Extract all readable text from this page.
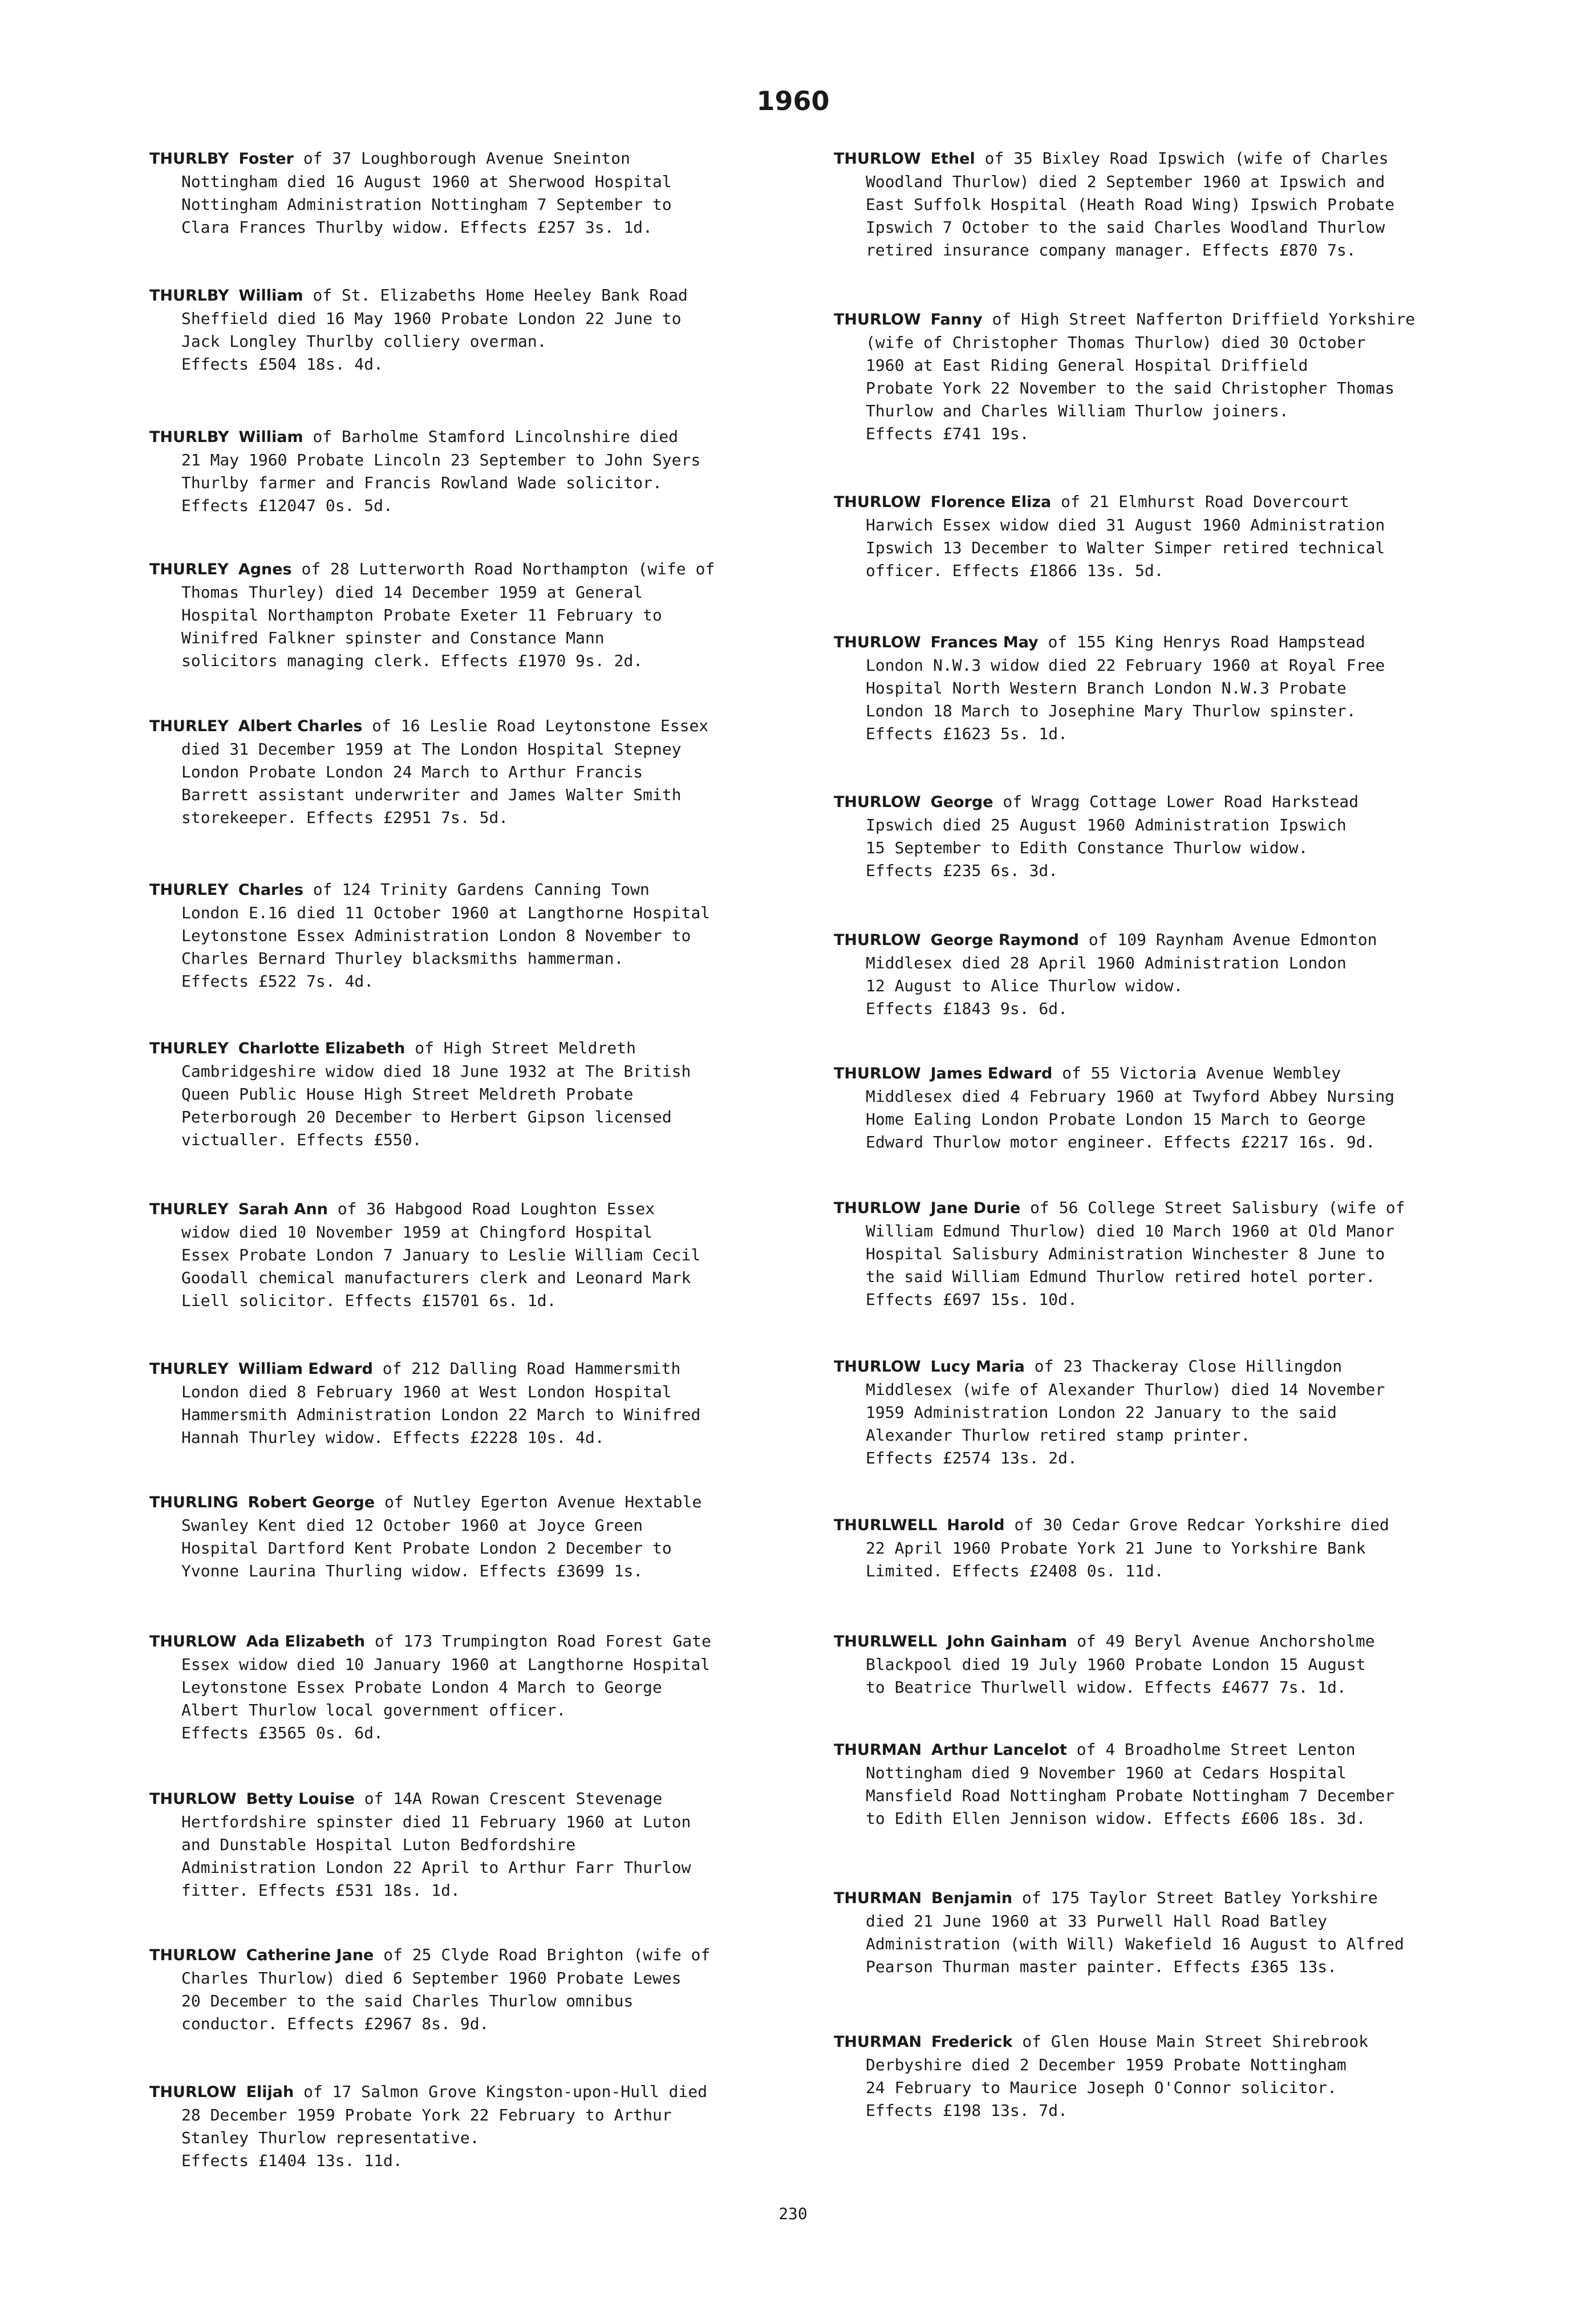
1960
THURLBY Foster of 37 Loughborough Avenue Sneinton
Nottingham died 16 August 1960 at Sherwood Hospital
Nottingham Administration Nottingham 7 September to
Clara Frances Thurlby widow. Effects £257 3s. 1d.
THURLBY William of St. Elizabeths Home Heeley Bank Road
Sheffield died 16 May 1960 Probate London 22 June to
Jack Longley Thurlby colliery overman.
Effects £504 18s. 4d.
THURLBY William of Barholme Stamford Lincolnshire died
21 May 1960 Probate Lincoln 23 September to John Syers
Thurlby farmer and Francis Rowland Wade solicitor.
Effects £12047 0s. 5d.
THURLEY Agnes of 28 Lutterworth Road Northampton (wife of
Thomas Thurley) died 14 December 1959 at General
Hospital Northampton Probate Exeter 11 February to
Winifred Falkner spinster and Constance Mann
solicitors managing clerk. Effects £1970 9s. 2d.
THURLEY Albert Charles of 16 Leslie Road Leytonstone Essex
died 31 December 1959 at The London Hospital Stepney
London Probate London 24 March to Arthur Francis
Barrett assistant underwriter and James Walter Smith
storekeeper. Effects £2951 7s. 5d.
THURLEY Charles of 124 Trinity Gardens Canning Town
London E.16 died 11 October 1960 at Langthorne Hospital
Leytonstone Essex Administration London 8 November to
Charles Bernard Thurley blacksmiths hammerman.
Effects £522 7s. 4d.
THURLEY Charlotte Elizabeth of High Street Meldreth
Cambridgeshire widow died 18 June 1932 at The British
Queen Public House High Street Meldreth Probate
Peterborough 20 December to Herbert Gipson licensed
victualler. Effects £550.
THURLEY Sarah Ann of 36 Habgood Road Loughton Essex
widow died 10 November 1959 at Chingford Hospital
Essex Probate London 7 January to Leslie William Cecil
Goodall chemical manufacturers clerk and Leonard Mark
Liell solicitor. Effects £15701 6s. 1d.
THURLEY William Edward of 212 Dalling Road Hammersmith
London died 8 February 1960 at West London Hospital
Hammersmith Administration London 22 March to Winifred
Hannah Thurley widow. Effects £2228 10s. 4d.
THURLING Robert George of Nutley Egerton Avenue Hextable
Swanley Kent died 12 October 1960 at Joyce Green
Hospital Dartford Kent Probate London 2 December to
Yvonne Laurina Thurling widow. Effects £3699 1s.
THURLOW Ada Elizabeth of 173 Trumpington Road Forest Gate
Essex widow died 10 January 1960 at Langthorne Hospital
Leytonstone Essex Probate London 4 March to George
Albert Thurlow local government officer.
Effects £3565 0s. 6d.
THURLOW Betty Louise of 14A Rowan Crescent Stevenage
Hertfordshire spinster died 11 February 1960 at Luton
and Dunstable Hospital Luton Bedfordshire
Administration London 22 April to Arthur Farr Thurlow
fitter. Effects £531 18s. 1d.
THURLOW Catherine Jane of 25 Clyde Road Brighton (wife of
Charles Thurlow) died 6 September 1960 Probate Lewes
20 December to the said Charles Thurlow omnibus
conductor. Effects £2967 8s. 9d.
THURLOW Elijah of 17 Salmon Grove Kingston-upon-Hull died
28 December 1959 Probate York 22 February to Arthur
Stanley Thurlow representative.
Effects £1404 13s. 11d.
THURLOW Ethel of 35 Bixley Road Ipswich (wife of Charles
Woodland Thurlow) died 2 September 1960 at Ipswich and
East Suffolk Hospital (Heath Road Wing) Ipswich Probate
Ipswich 7 October to the said Charles Woodland Thurlow
retired insurance company manager. Effects £870 7s.
THURLOW Fanny of High Street Nafferton Driffield Yorkshire
(wife of Christopher Thomas Thurlow) died 30 October
1960 at East Riding General Hospital Driffield
Probate York 22 November to the said Christopher Thomas
Thurlow and Charles William Thurlow joiners.
Effects £741 19s.
THURLOW Florence Eliza of 21 Elmhurst Road Dovercourt
Harwich Essex widow died 31 August 1960 Administration
Ipswich 13 December to Walter Simper retired technical
officer. Effects £1866 13s. 5d.
THURLOW Frances May of 155 King Henrys Road Hampstead
London N.W.3 widow died 22 February 1960 at Royal Free
Hospital North Western Branch London N.W.3 Probate
London 18 March to Josephine Mary Thurlow spinster.
Effects £1623 5s. 1d.
THURLOW George of Wragg Cottage Lower Road Harkstead
Ipswich died 25 August 1960 Administration Ipswich
15 September to Edith Constance Thurlow widow.
Effects £235 6s. 3d.
THURLOW George Raymond of 109 Raynham Avenue Edmonton
Middlesex died 28 April 1960 Administration London
12 August to Alice Thurlow widow.
Effects £1843 9s. 6d.
THURLOW James Edward of 55 Victoria Avenue Wembley
Middlesex died 4 February 1960 at Twyford Abbey Nursing
Home Ealing London Probate London 15 March to George
Edward Thurlow motor engineer. Effects £2217 16s. 9d.
THURLOW Jane Durie of 56 College Street Salisbury (wife of
William Edmund Thurlow) died 10 March 1960 at Old Manor
Hospital Salisbury Administration Winchester 8 June to
the said William Edmund Thurlow retired hotel porter.
Effects £697 15s. 10d.
THURLOW Lucy Maria of 23 Thackeray Close Hillingdon
Middlesex (wife of Alexander Thurlow) died 14 November
1959 Administration London 22 January to the said
Alexander Thurlow retired stamp printer.
Effects £2574 13s. 2d.
THURLWELL Harold of 30 Cedar Grove Redcar Yorkshire died
22 April 1960 Probate York 21 June to Yorkshire Bank
Limited. Effects £2408 0s. 11d.
THURLWELL John Gainham of 49 Beryl Avenue Anchorsholme
Blackpool died 19 July 1960 Probate London 15 August
to Beatrice Thurlwell widow. Effects £4677 7s. 1d.
THURMAN Arthur Lancelot of 4 Broadholme Street Lenton
Nottingham died 9 November 1960 at Cedars Hospital
Mansfield Road Nottingham Probate Nottingham 7 December
to Edith Ellen Jennison widow. Effects £606 18s. 3d.
THURMAN Benjamin of 175 Taylor Street Batley Yorkshire
died 21 June 1960 at 33 Purwell Hall Road Batley
Administration (with Will) Wakefield 16 August to Alfred
Pearson Thurman master painter. Effects £365 13s.
THURMAN Frederick of Glen House Main Street Shirebrook
Derbyshire died 2 December 1959 Probate Nottingham
24 February to Maurice Joseph O'Connor solicitor.
Effects £198 13s. 7d.
230
